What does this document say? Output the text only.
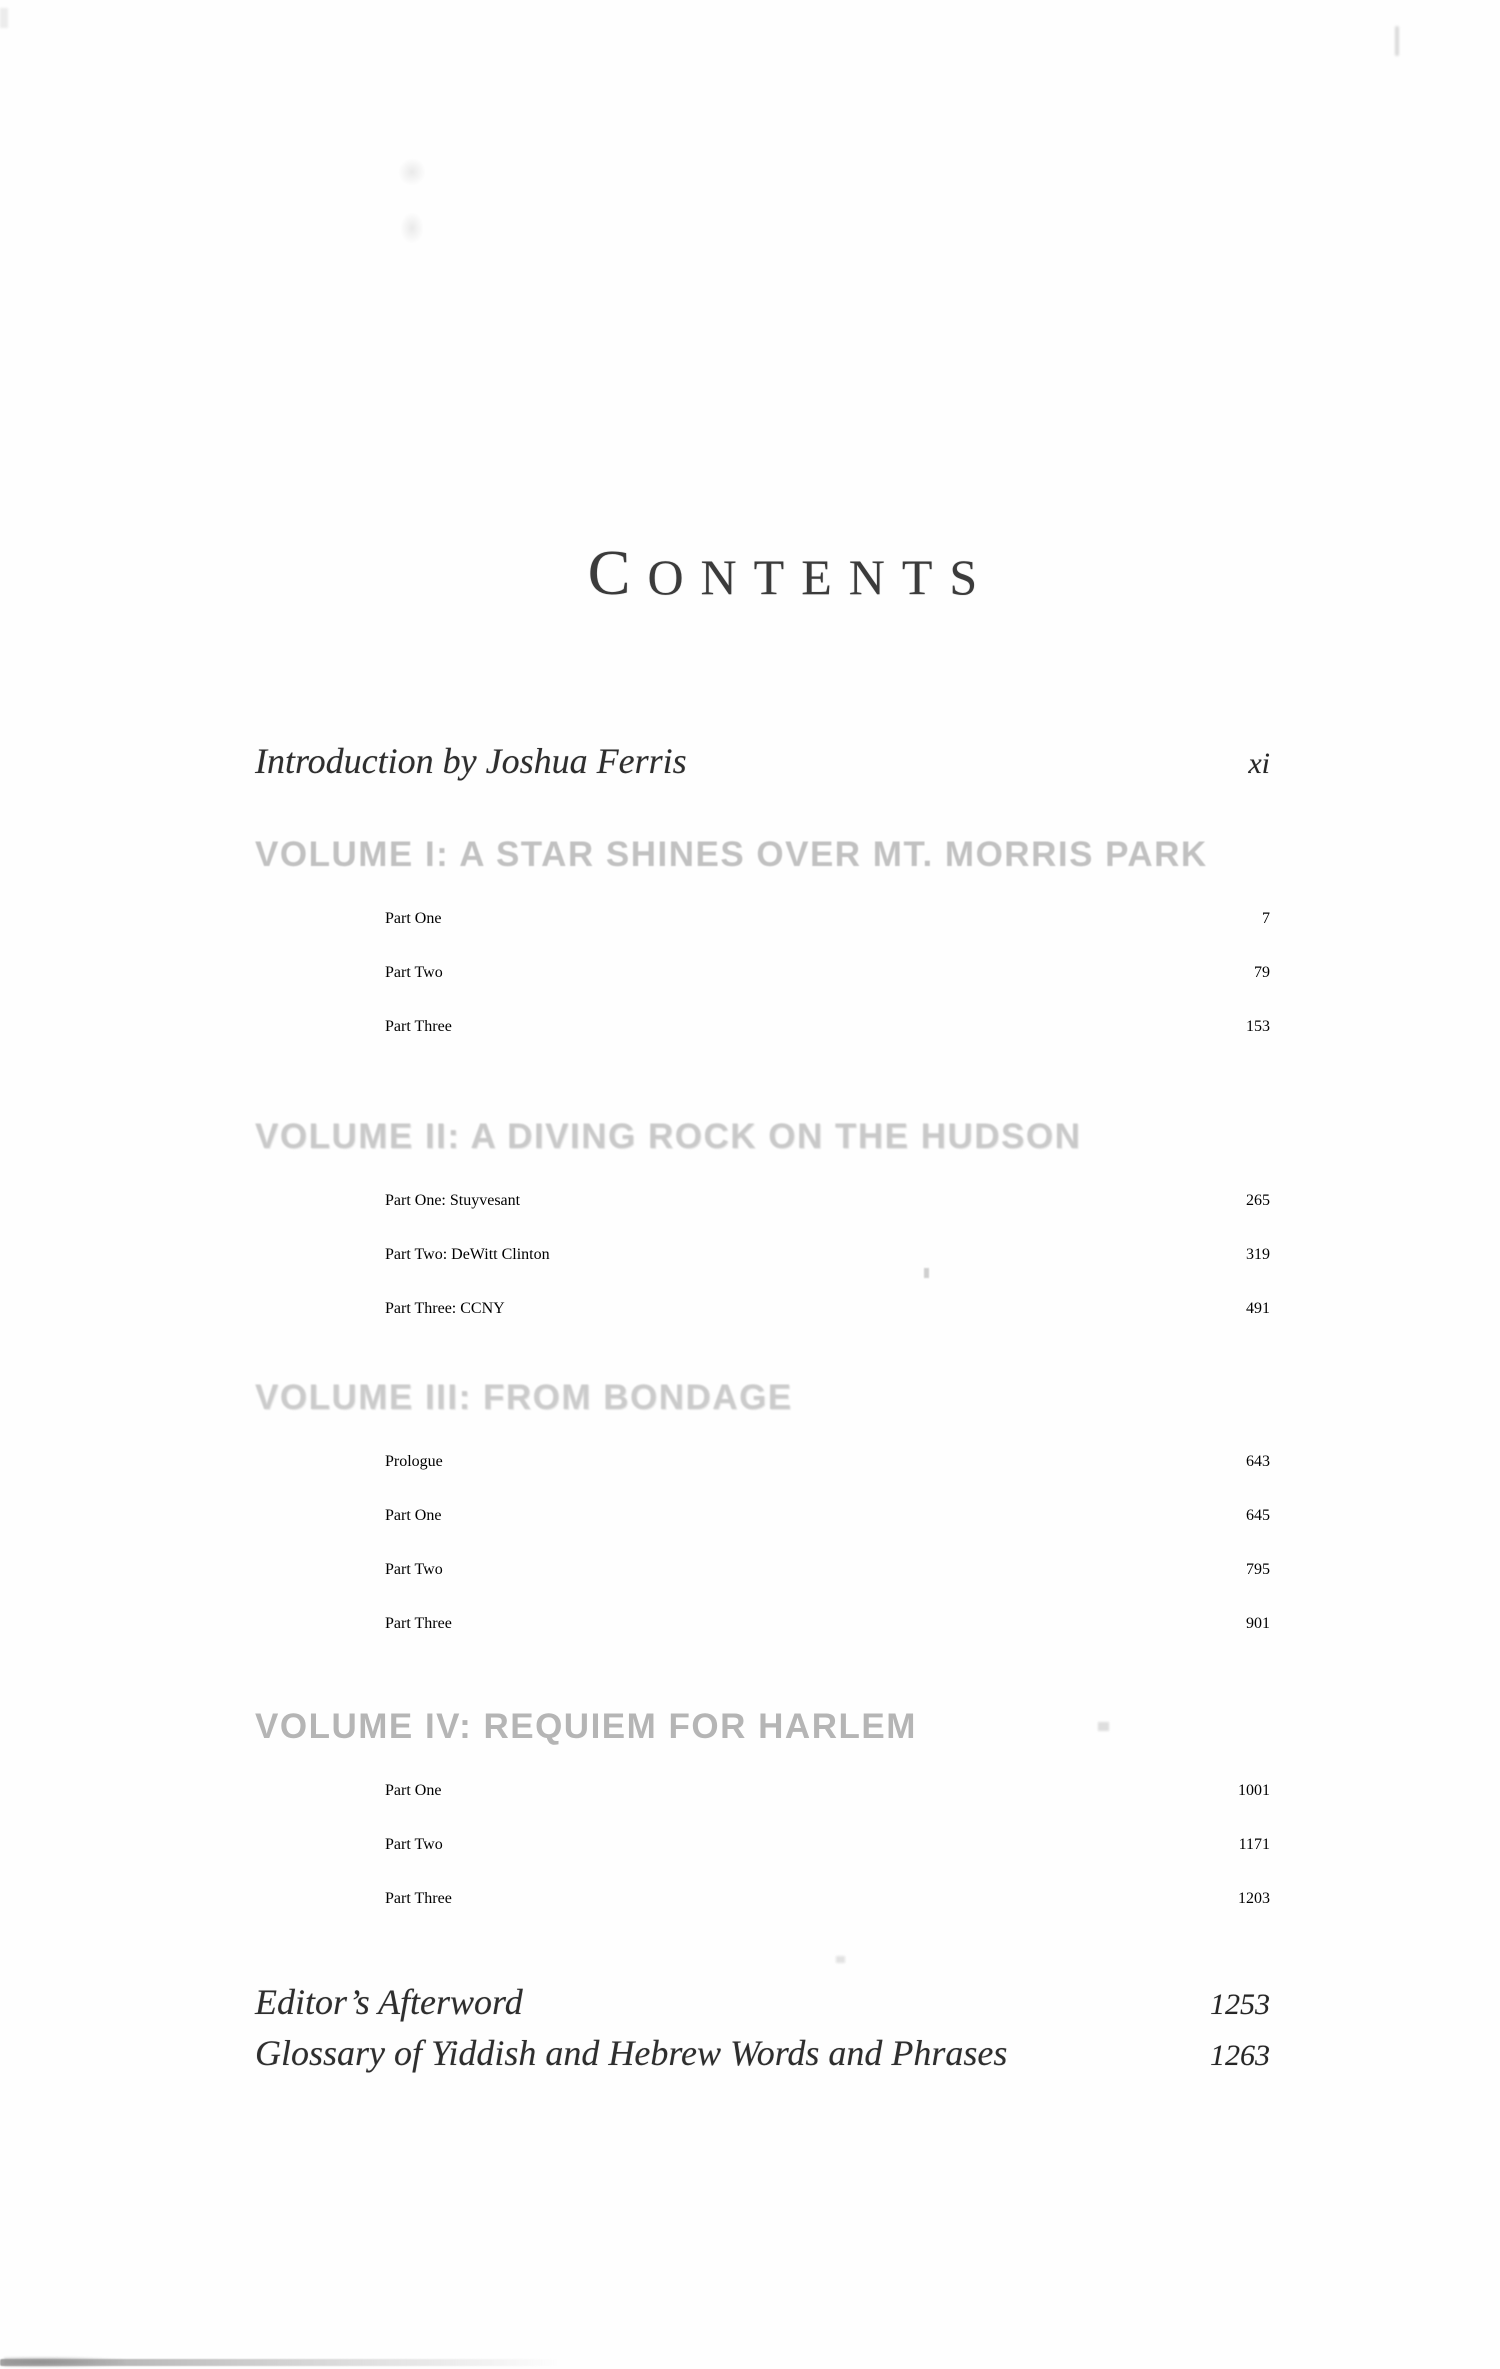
CONTENTS
Introduction by Joshua Ferris	xi
VOLUME I: A STAR SHINES OVER MT. MORRIS PARK
Part One	7
Part Two	79
Part Three	153
VOLUME II: A DIVING ROCK ON THE HUDSON
Part One: Stuyvesant	265
Part Two: DeWitt Clinton	319
Part Three: CCNY	491
VOLUME III: FROM BONDAGE
Prologue	643
Part One	645
Part Two	795
Part Three	901
VOLUME IV: REQUIEM FOR HARLEM
Part One	1001
Part Two	1171
Part Three	1203
Editor’s Afterword	1253
Glossary of Yiddish and Hebrew Words and Phrases	1263
